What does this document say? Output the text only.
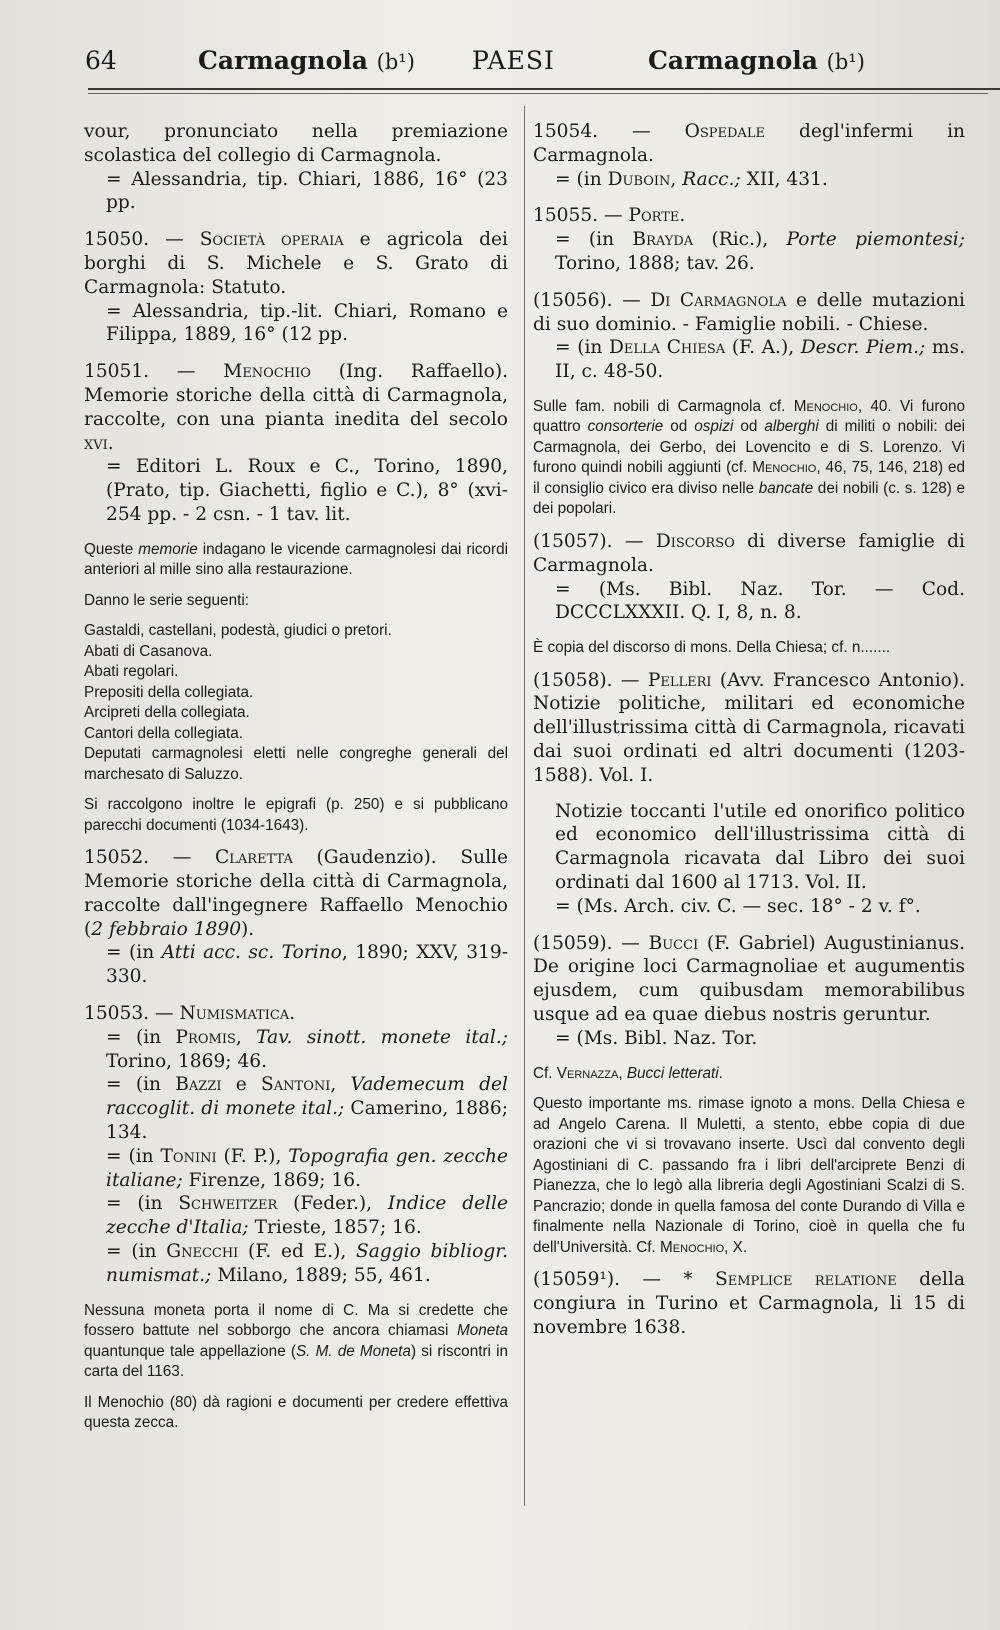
64	Carmagnola (b¹) PAESI	Carmagnola (b¹)

vour, pronunciato nella premiazione scolastica del collegio di Carmagnola.

= Alessandria, tip. Chiari, 1886, 16° (23 pp.

15050. — Società operaia e agricola dei borghi di S. Michele e S. Grato di Carmagnola: Statuto.

= Alessandria, tip.-lit. Chiari, Romano e Filippa, 1889, 16° (12 pp.

15051. — Menochio (Ing. Raffaello). Memorie storiche della città di Carmagnola, raccolte, con una pianta inedita del secolo xvi.

= Editori L. Roux e C., Torino, 1890, (Prato, tip. Giachetti, figlio e C.), 8° (xvi-254 pp. - 2 csn. - 1 tav. lit.

Queste memorie indagano le vicende carmagnolesi dai ricordi anteriori al mille sino alla restaurazione.

Danno le serie seguenti:

Gastaldi, castellani, podestà, giudici o pretori.

Abati di Casanova.

Abati regolari.

Prepositi della collegiata.

Arcipreti della collegiata.

Cantori della collegiata.

Deputati carmagnolesi eletti nelle congreghe generali del marchesato di Saluzzo.

Si raccolgono inoltre le epigrafi (p. 250) e si pubblicano parecchi documenti (1034-1643).

15052. — Claretta (Gaudenzio). Sulle Memorie storiche della città di Carmagnola, raccolte dall'ingegnere Raffaello Menochio (2 febbraio 1890).

= (in Atti acc. sc. Torino, 1890; XXV, 319-330.

15053. — Numismatica.

= (in Promis, Tav. sinott. monete ital.; Torino, 1869; 46.

= (in Bazzi e Santoni, Vademecum del raccoglit. di monete ital.; Camerino, 1886; 134.

= (in Tonini (F. P.), Topografia gen. zecche italiane; Firenze, 1869; 16.

= (in Schweitzer (Feder.), Indice delle zecche d'Italia; Trieste, 1857; 16.

= (in Gnecchi (F. ed E.), Saggio bibliogr. numismat.; Milano, 1889; 55, 461.

Nessuna moneta porta il nome di C. Ma si credette che fossero battute nel sobborgo che ancora chiamasi Moneta quantunque tale appellazione (S. M. de Moneta) si riscontri in carta del 1163.

Il Menochio (80) dà ragioni e documenti per credere effettiva questa zecca.

15054. — Ospedale degl'infermi in Carmagnola.

= (in Duboin, Racc.; XII, 431.

15055. — Porte.

= (in Brayda (Ric.), Porte piemontesi; Torino, 1888; tav. 26.

(15056). — Di Carmagnola e delle mutazioni di suo dominio. - Famiglie nobili. - Chiese.

= (in Della Chiesa (F. A.), Descr. Piem.; ms. II, c. 48-50.

Sulle fam. nobili di Carmagnola cf. Menochio, 40. Vi furono quattro consorterie od ospizi od alberghi di militi o nobili: dei Carmagnola, dei Gerbo, dei Lovencito e di S. Lorenzo. Vi furono quindi nobili aggiunti (cf. Menochio, 46, 75, 146, 218) ed il consiglio civico era diviso nelle bancate dei nobili (c. s. 128) e dei popolari.

(15057). — Discorso di diverse famiglie di Carmagnola.

= (Ms. Bibl. Naz. Tor. — Cod. DCCCLXXXII. Q. I, 8, n. 8.

È copia del discorso di mons. Della Chiesa; cf. n.......

(15058). — Pelleri (Avv. Francesco Antonio). Notizie politiche, militari ed economiche dell'illustrissima città di Carmagnola, ricavati dai suoi ordinati ed altri documenti (1203-1588). Vol. I.

Notizie toccanti l'utile ed onorifico politico ed economico dell'illustrissima città di Carmagnola ricavata dal Libro dei suoi ordinati dal 1600 al 1713. Vol. II.

= (Ms. Arch. civ. C. — sec. 18° - 2 v. f°.

(15059). — Bucci (F. Gabriel) Augustinianus. De origine loci Carmagnoliae et augumentis ejusdem, cum quibusdam memorabilibus usque ad ea quae diebus nostris geruntur.

= (Ms. Bibl. Naz. Tor.

Cf. Vernazza, Bucci letterati.

Questo importante ms. rimase ignoto a mons. Della Chiesa e ad Angelo Carena. Il Muletti, a stento, ebbe copia di due orazioni che vi si trovavano inserte. Uscì dal convento degli Agostiniani di C. passando fra i libri dell'arciprete Benzi di Pianezza, che lo legò alla libreria degli Agostiniani Scalzi di S. Pancrazio; donde in quella famosa del conte Durando di Villa e finalmente nella Nazionale di Torino, cioè in quella che fu dell'Università. Cf. Menochio, X.

(15059¹). — * Semplice relatione della congiura in Turino et Carmagnola, li 15 di novembre 1638.
